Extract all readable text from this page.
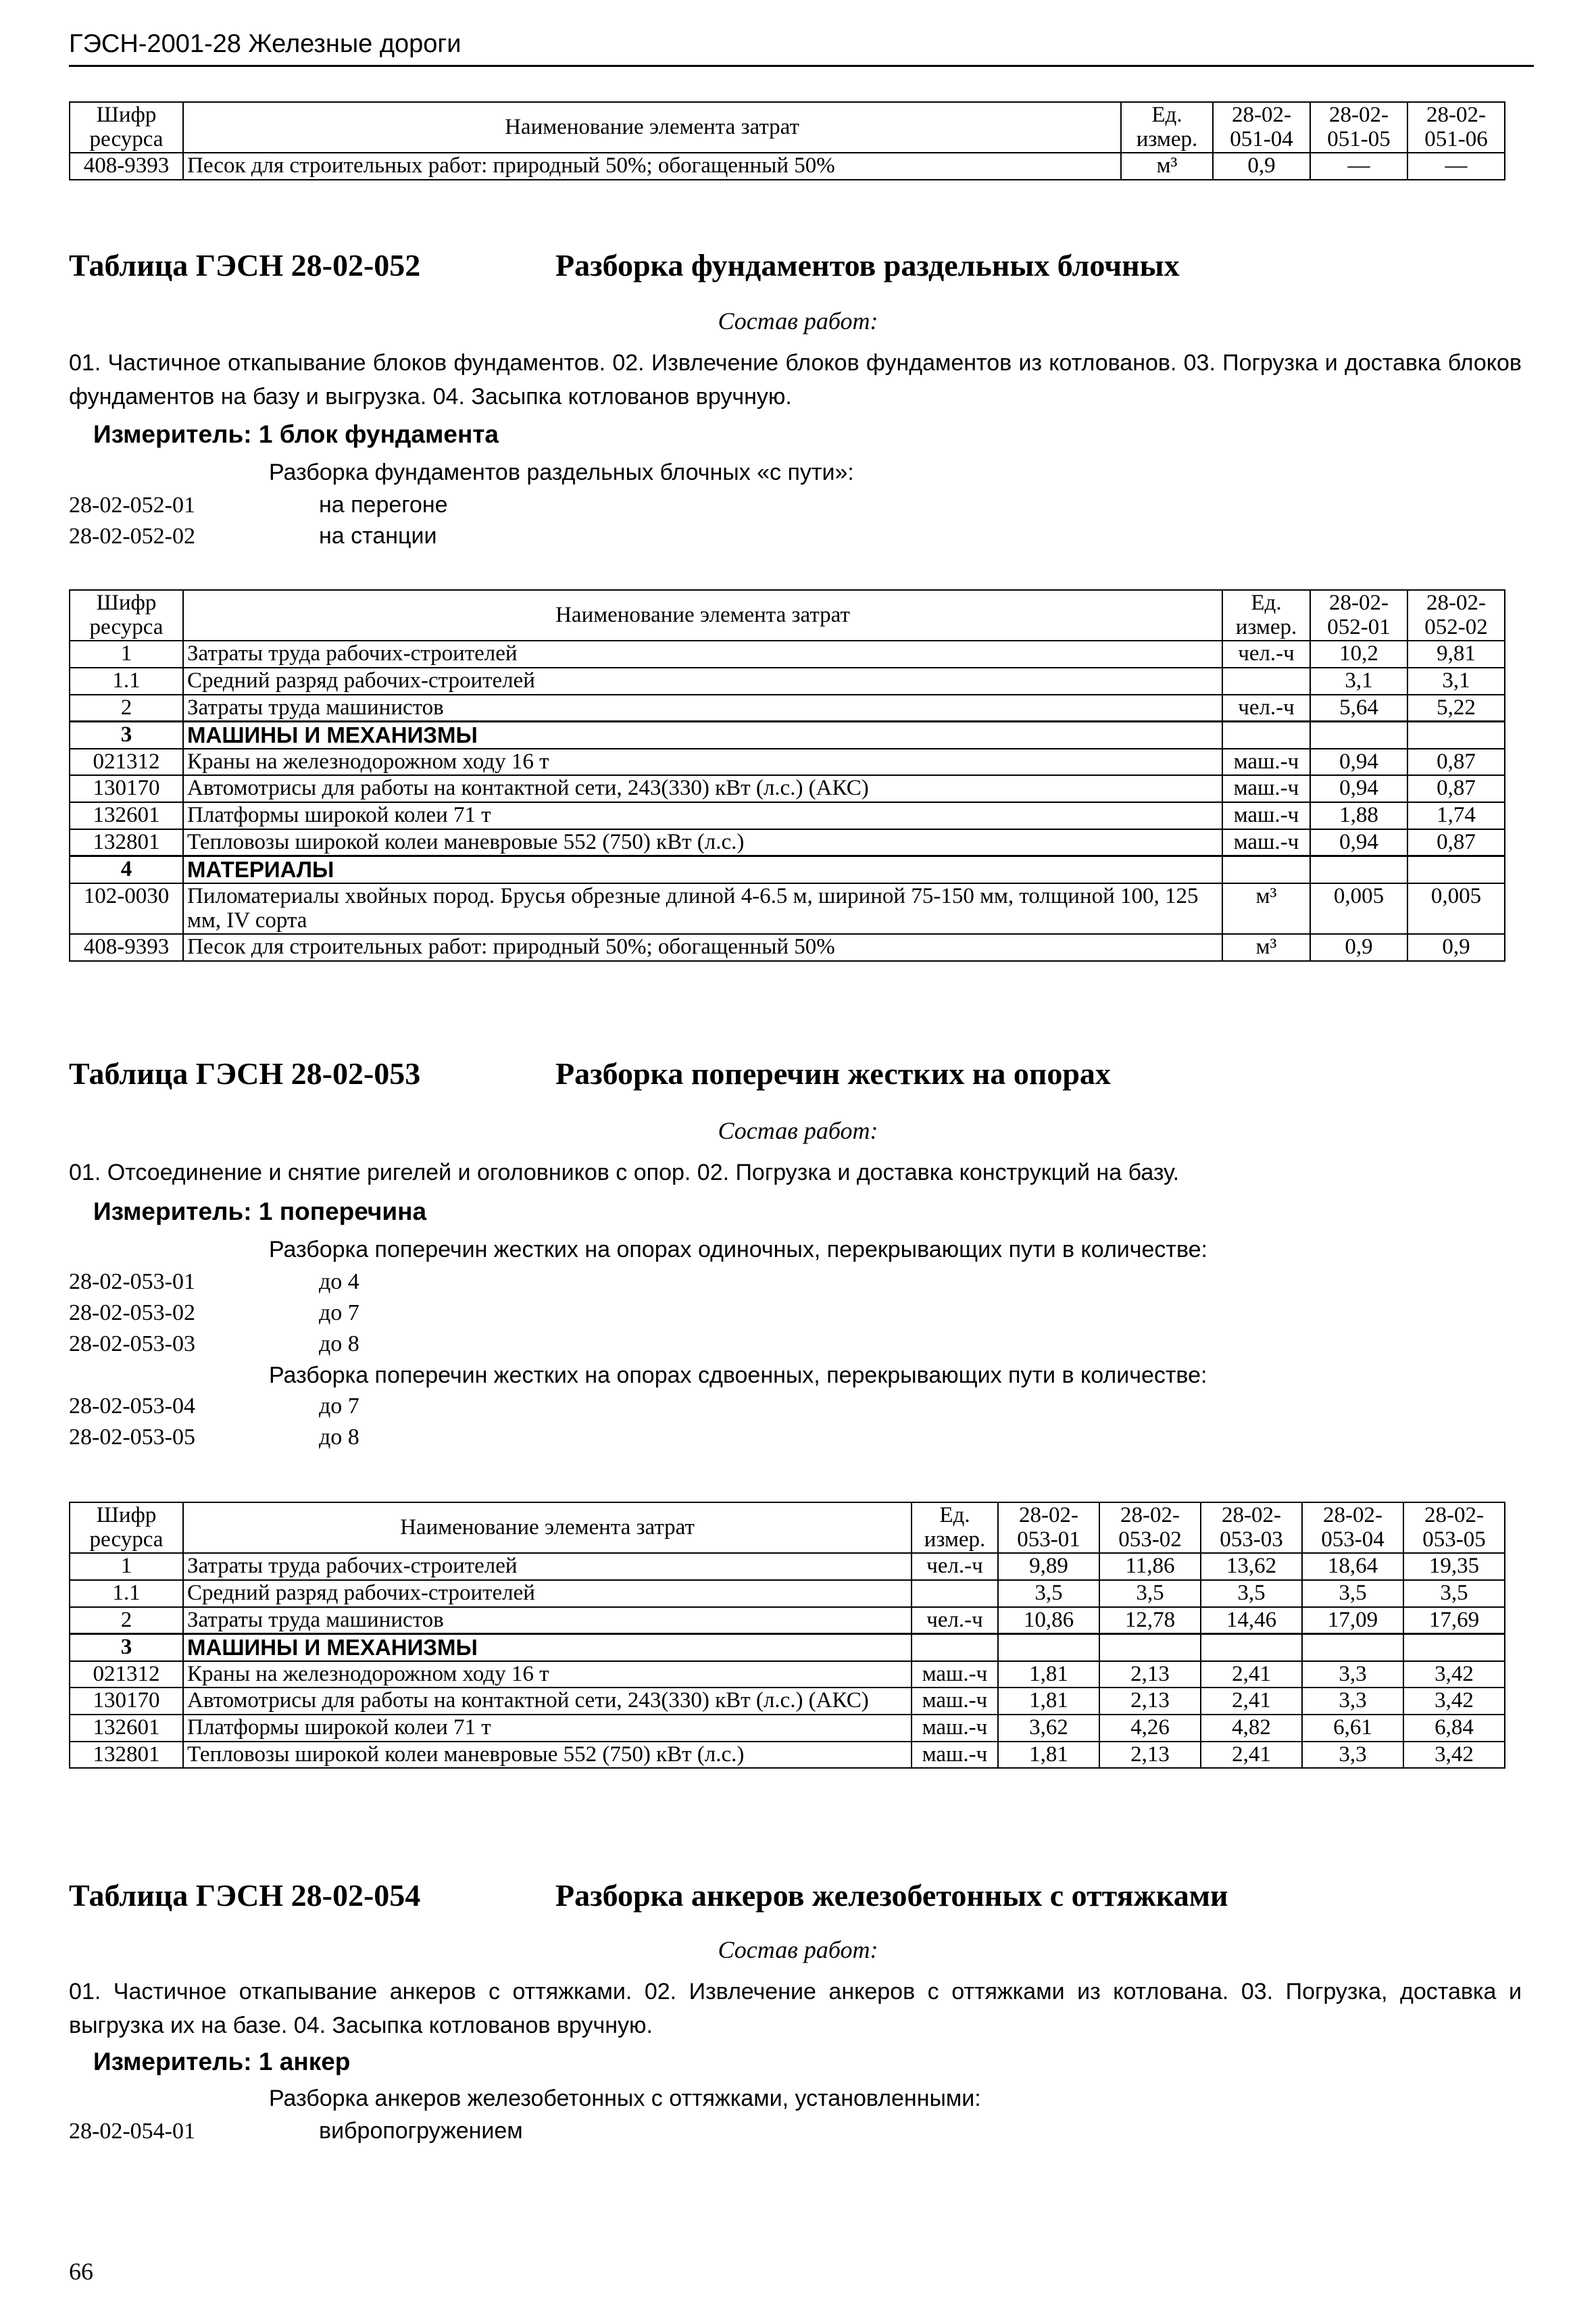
ГЭСН-2001-28 Железные дороги
Шифр ресурса	Наименование элемента затрат	Ед. измер.	28-02-051-04	28-02-051-05	28-02-051-06
408-9393	Песок для строительных работ: природный 50%; обогащенный 50%	м³	0,9	—	—
Таблица ГЭСН 28-02-052	Разборка фундаментов раздельных блочных
Состав работ:
01. Частичное откапывание блоков фундаментов. 02. Извлечение блоков фундаментов из котлованов. 03. Погрузка и доставка блоков фундаментов на базу и выгрузка. 04. Засыпка котлованов вручную.
Измеритель: 1 блок фундамента
Разборка фундаментов раздельных блочных «с пути»:
28-02-052-01	на перегоне
28-02-052-02	на станции
Шифр ресурса	Наименование элемента затрат	Ед. измер.	28-02-052-01	28-02-052-02
1	Затраты труда рабочих-строителей	чел.-ч	10,2	9,81
1.1	Средний разряд рабочих-строителей		3,1	3,1
2	Затраты труда машинистов	чел.-ч	5,64	5,22
3	МАШИНЫ И МЕХАНИЗМЫ			
021312	Краны на железнодорожном ходу 16 т	маш.-ч	0,94	0,87
130170	Автомотрисы для работы на контактной сети, 243(330) кВт (л.с.) (АКС)	маш.-ч	0,94	0,87
132601	Платформы широкой колеи 71 т	маш.-ч	1,88	1,74
132801	Тепловозы широкой колеи маневровые 552 (750) кВт (л.с.)	маш.-ч	0,94	0,87
4	МАТЕРИАЛЫ			
102-0030	Пиломатериалы хвойных пород. Брусья обрезные длиной 4-6.5 м, шириной 75-150 мм, толщиной 100, 125 мм, IV сорта	м³	0,005	0,005
408-9393	Песок для строительных работ: природный 50%; обогащенный 50%	м³	0,9	0,9
Таблица ГЭСН 28-02-053	Разборка поперечин жестких на опорах
Состав работ:
01. Отсоединение и снятие ригелей и оголовников с опор. 02. Погрузка и доставка конструкций на базу.
Измеритель: 1 поперечина
Разборка поперечин жестких на опорах одиночных, перекрывающих пути в количестве:
28-02-053-01	до 4
28-02-053-02	до 7
28-02-053-03	до 8
Разборка поперечин жестких на опорах сдвоенных, перекрывающих пути в количестве:
28-02-053-04	до 7
28-02-053-05	до 8
Шифр ресурса	Наименование элемента затрат	Ед. измер.	28-02-053-01	28-02-053-02	28-02-053-03	28-02-053-04	28-02-053-05
1	Затраты труда рабочих-строителей	чел.-ч	9,89	11,86	13,62	18,64	19,35
1.1	Средний разряд рабочих-строителей		3,5	3,5	3,5	3,5	3,5
2	Затраты труда машинистов	чел.-ч	10,86	12,78	14,46	17,09	17,69
3	МАШИНЫ И МЕХАНИЗМЫ						
021312	Краны на железнодорожном ходу 16 т	маш.-ч	1,81	2,13	2,41	3,3	3,42
130170	Автомотрисы для работы на контактной сети, 243(330) кВт (л.с.) (АКС)	маш.-ч	1,81	2,13	2,41	3,3	3,42
132601	Платформы широкой колеи 71 т	маш.-ч	3,62	4,26	4,82	6,61	6,84
132801	Тепловозы широкой колеи маневровые 552 (750) кВт (л.с.)	маш.-ч	1,81	2,13	2,41	3,3	3,42
Таблица ГЭСН 28-02-054	Разборка анкеров железобетонных с оттяжками
Состав работ:
01. Частичное откапывание анкеров с оттяжками. 02. Извлечение анкеров с оттяжками из котлована. 03. Погрузка, доставка и выгрузка их на базе. 04. Засыпка котлованов вручную.
Измеритель: 1 анкер
Разборка анкеров железобетонных с оттяжками, установленными:
28-02-054-01	вибропогружением
66
